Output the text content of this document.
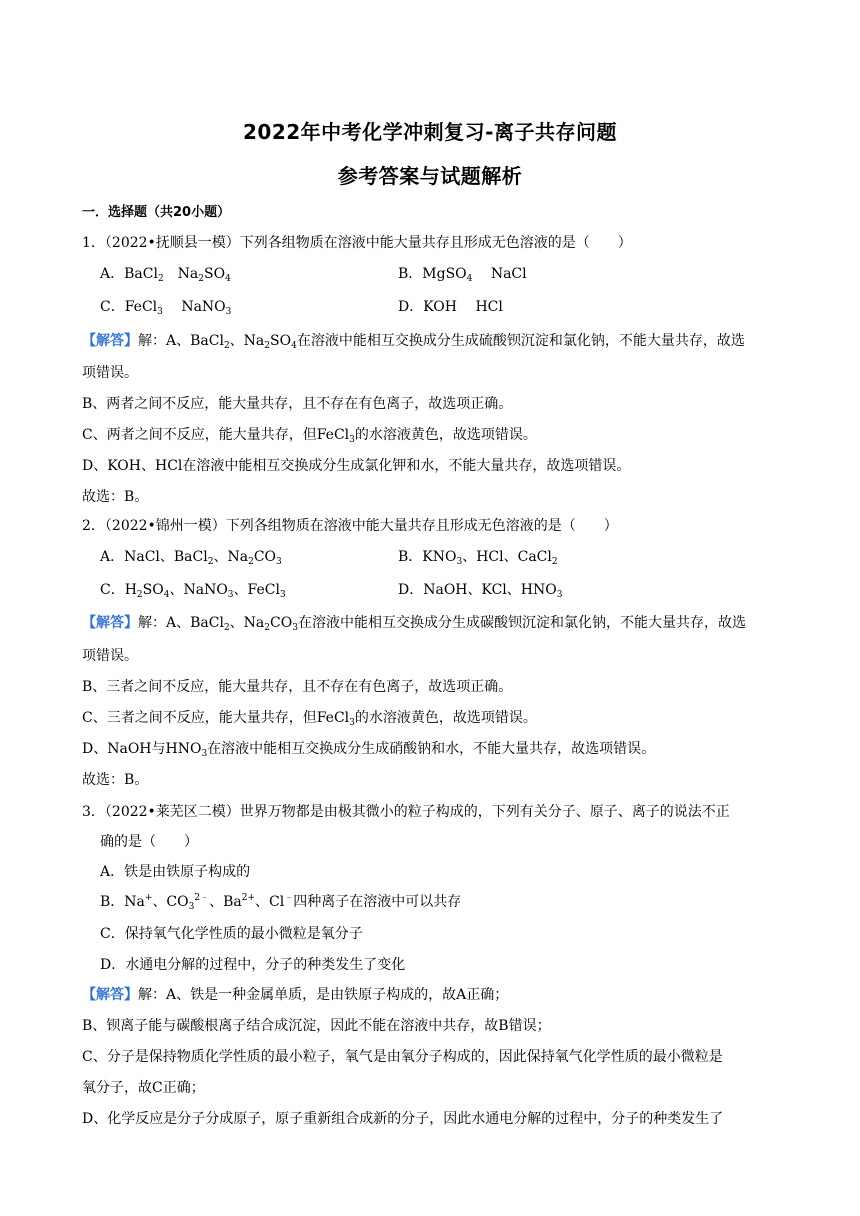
2022年中考化学冲刺复习-离子共存问题
参考答案与试题解析
一．选择题（共20小题）
1．（2022•抚顺县一模）下列各组物质在溶液中能大量共存且形成无色溶液的是（　　）
A．BaCl$_2$　$Na_2SO_4$	B．MgSO$_4$　 NaCl
C．FeCl$_3$　 NaNO$_3$	D．KOH　 HCl
【解答】解：A、BaCl$_2$、$Na_2SO_4$在溶液中能相互交换成分生成硫酸钡沉淀和氯化钠，不能大量共存，故选
项错误。
B、两者之间不反应，能大量共存，且不存在有色离子，故选项正确。
C、两者之间不反应，能大量共存，但FeCl$_3$的水溶液黄色，故选项错误。
D、KOH、HCl在溶液中能相互交换成分生成氯化钾和水，不能大量共存，故选项错误。
故选：B。
2．（2022•锦州一模）下列各组物质在溶液中能大量共存且形成无色溶液的是（　　）
A．NaCl、BaCl$_2$、$Na_2CO_3$	B．$KNO_3$、HCl、CaCl$_2$
C．$H_2SO_4$、NaNO$_3$、FeCl$_3$	D．NaOH、KCl、$HNO_3$
【解答】解：A、BaCl$_2$、$Na_2CO_3$在溶液中能相互交换成分生成碳酸钡沉淀和氯化钠，不能大量共存，故选
项错误。
B、三者之间不反应，能大量共存，且不存在有色离子，故选项正确。
C、三者之间不反应，能大量共存，但FeCl$_3$的水溶液黄色，故选项错误。
D、NaOH与$HNO_3$在溶液中能相互交换成分生成硝酸钠和水，不能大量共存，故选项错误。
故选：B。
3．（2022•莱芜区二模）世界万物都是由极其微小的粒子构成的，下列有关分子、原子、离子的说法不正
确的是（　　）
A．铁是由铁原子构成的
B．Na+、$CO_3^{2﹣}$、$Ba^{2+}$、Cl﹣四种离子在溶液中可以共存
C．保持氧气化学性质的最小微粒是氧分子
D．水通电分解的过程中，分子的种类发生了变化
【解答】解：A、铁是一种金属单质，是由铁原子构成的，故A正确；
B、钡离子能与碳酸根离子结合成沉淀，因此不能在溶液中共存，故B错误；
C、分子是保持物质化学性质的最小粒子，氧气是由氧分子构成的，因此保持氧气化学性质的最小微粒是
氧分子，故C正确；
D、化学反应是分子分成原子，原子重新组合成新的分子，因此水通电分解的过程中，分子的种类发生了
